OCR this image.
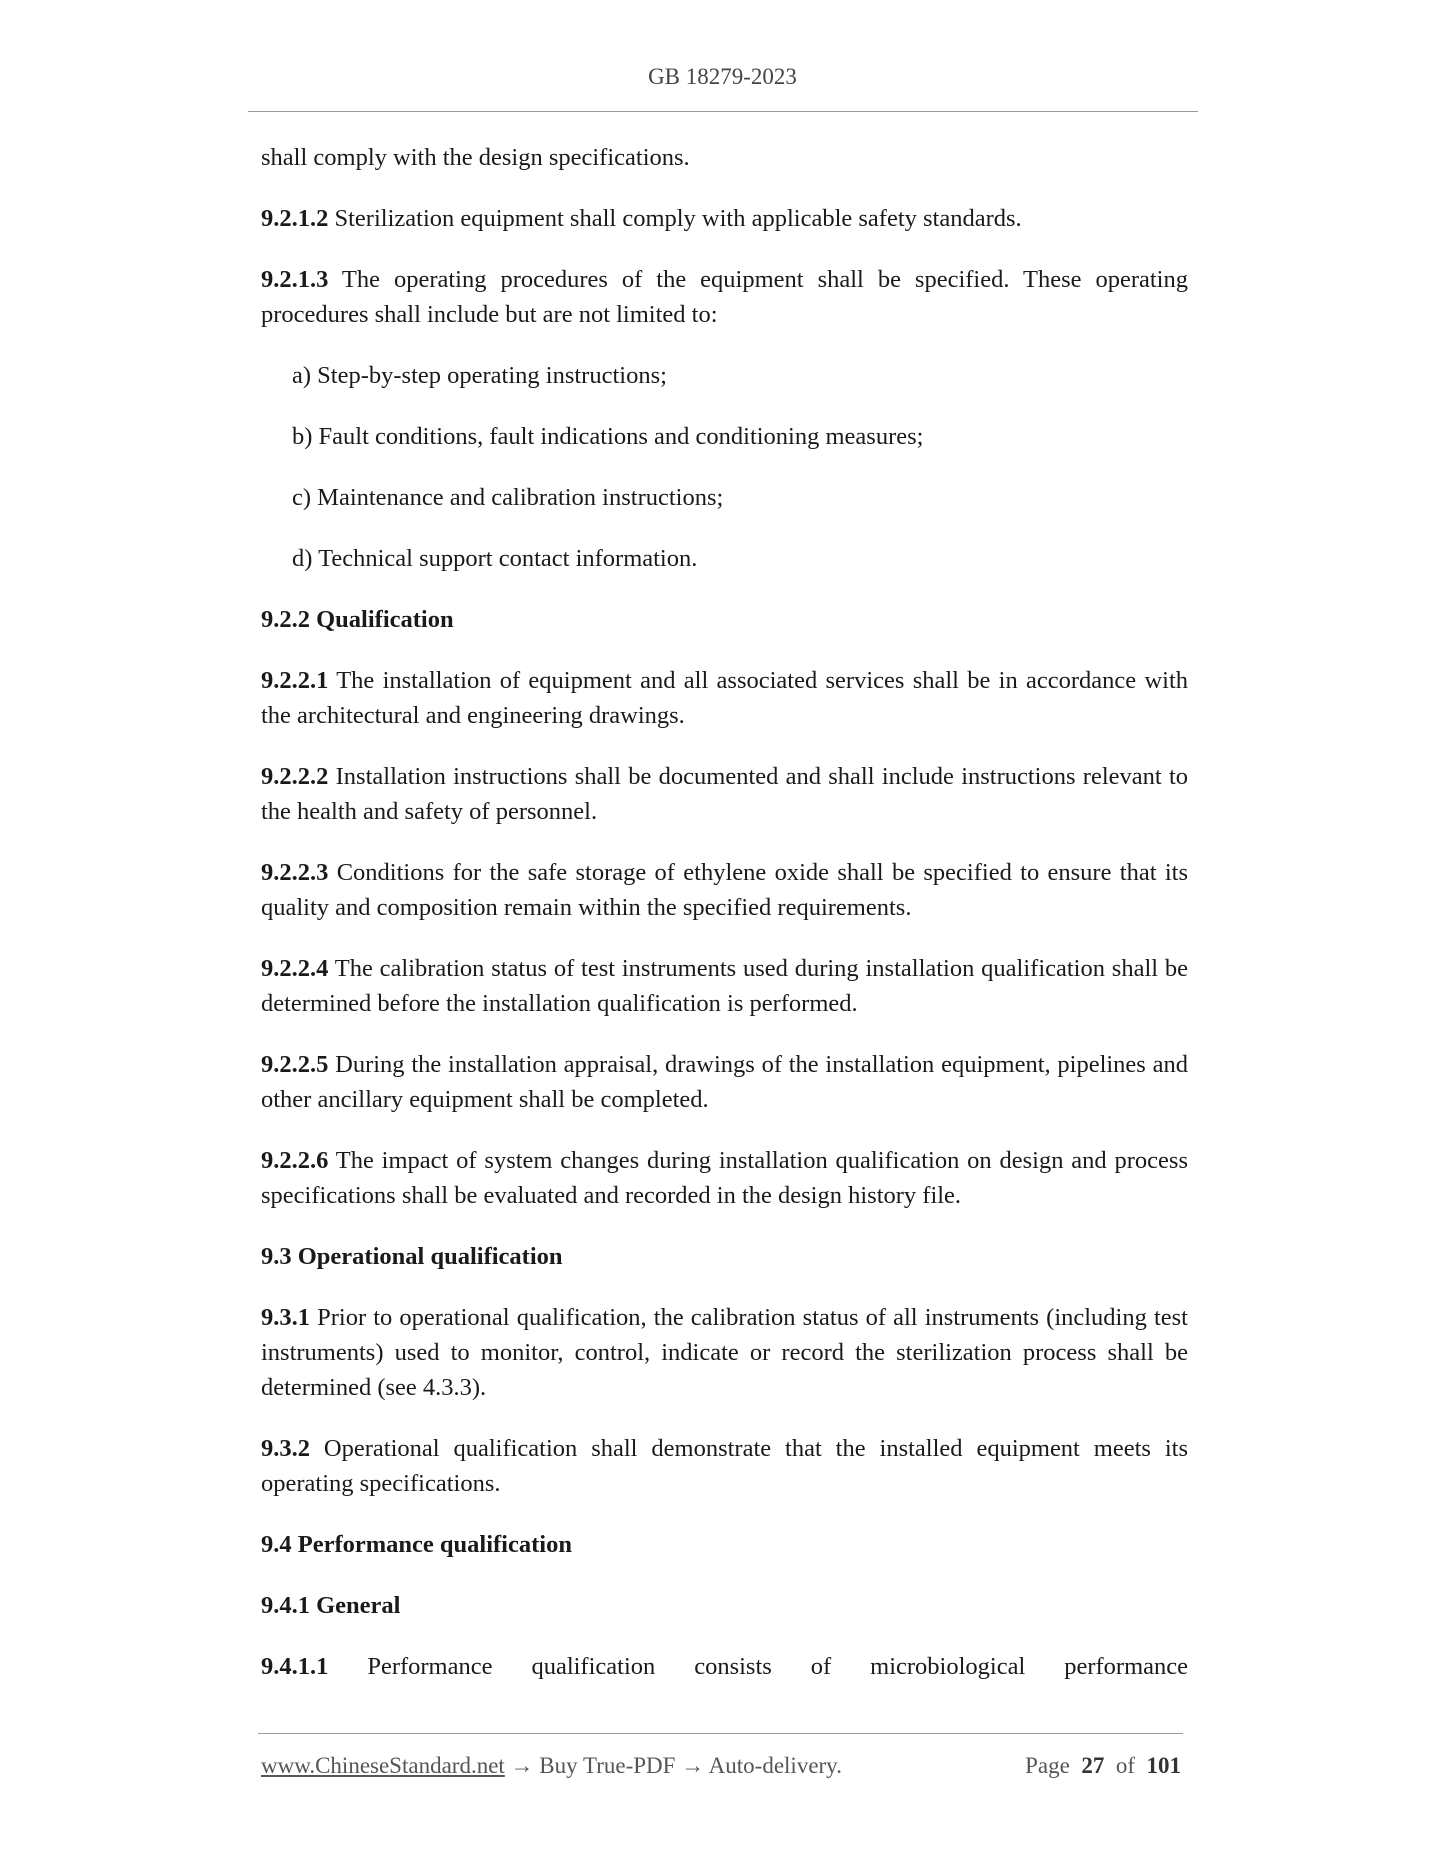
GB 18279-2023

shall comply with the design specifications.

9.2.1.2 Sterilization equipment shall comply with applicable safety standards.

9.2.1.3 The operating procedures of the equipment shall be specified. These operating procedures shall include but are not limited to:

a) Step-by-step operating instructions;

b) Fault conditions, fault indications and conditioning measures;

c) Maintenance and calibration instructions;

d) Technical support contact information.

9.2.2 Qualification

9.2.2.1 The installation of equipment and all associated services shall be in accordance with the architectural and engineering drawings.

9.2.2.2 Installation instructions shall be documented and shall include instructions relevant to the health and safety of personnel.

9.2.2.3 Conditions for the safe storage of ethylene oxide shall be specified to ensure that its quality and composition remain within the specified requirements.

9.2.2.4 The calibration status of test instruments used during installation qualification shall be determined before the installation qualification is performed.

9.2.2.5 During the installation appraisal, drawings of the installation equipment, pipelines and other ancillary equipment shall be completed.

9.2.2.6 The impact of system changes during installation qualification on design and process specifications shall be evaluated and recorded in the design history file.

9.3 Operational qualification

9.3.1 Prior to operational qualification, the calibration status of all instruments (including test instruments) used to monitor, control, indicate or record the sterilization process shall be determined (see 4.3.3).

9.3.2 Operational qualification shall demonstrate that the installed equipment meets its operating specifications.

9.4 Performance qualification

9.4.1 General

9.4.1.1 Performance qualification consists of microbiological performance

www.ChineseStandard.net → Buy True-PDF → Auto-delivery.	Page 27 of 101
